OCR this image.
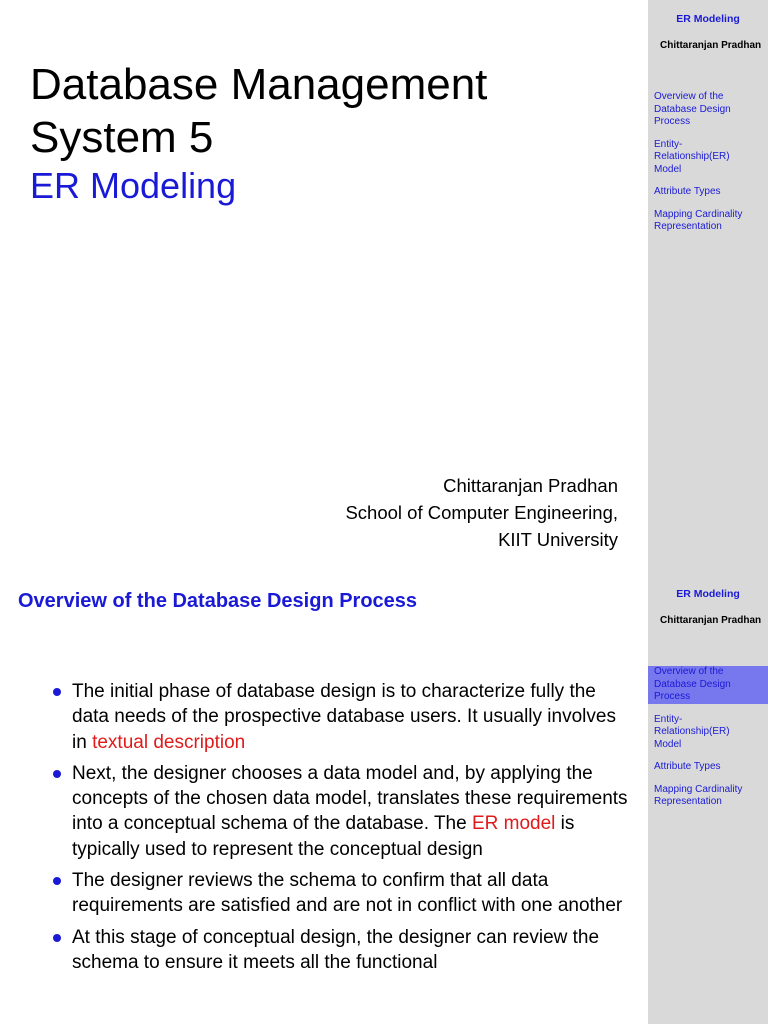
Database Management
System 5
ER Modeling
Chittaranjan Pradhan
School of Computer Engineering,
KIIT University
ER Modeling
Chittaranjan Pradhan
Overview of the
Database Design
Process
Entity-
Relationship(ER)
Model
Attribute Types
Mapping Cardinality
Representation
Overview of the Database Design Process
The initial phase of database design is to characterize fully the data needs of the prospective database users. It usually involves in textual description
Next, the designer chooses a data model and, by applying the concepts of the chosen data model, translates these requirements into a conceptual schema of the database. The ER model is typically used to represent the conceptual design
The designer reviews the schema to confirm that all data requirements are satisfied and are not in conflict with one another
At this stage of conceptual design, the designer can review the schema to ensure it meets all the functional
ER Modeling
Chittaranjan Pradhan
Overview of the
Database Design
Process
Entity-
Relationship(ER)
Model
Attribute Types
Mapping Cardinality
Representation
